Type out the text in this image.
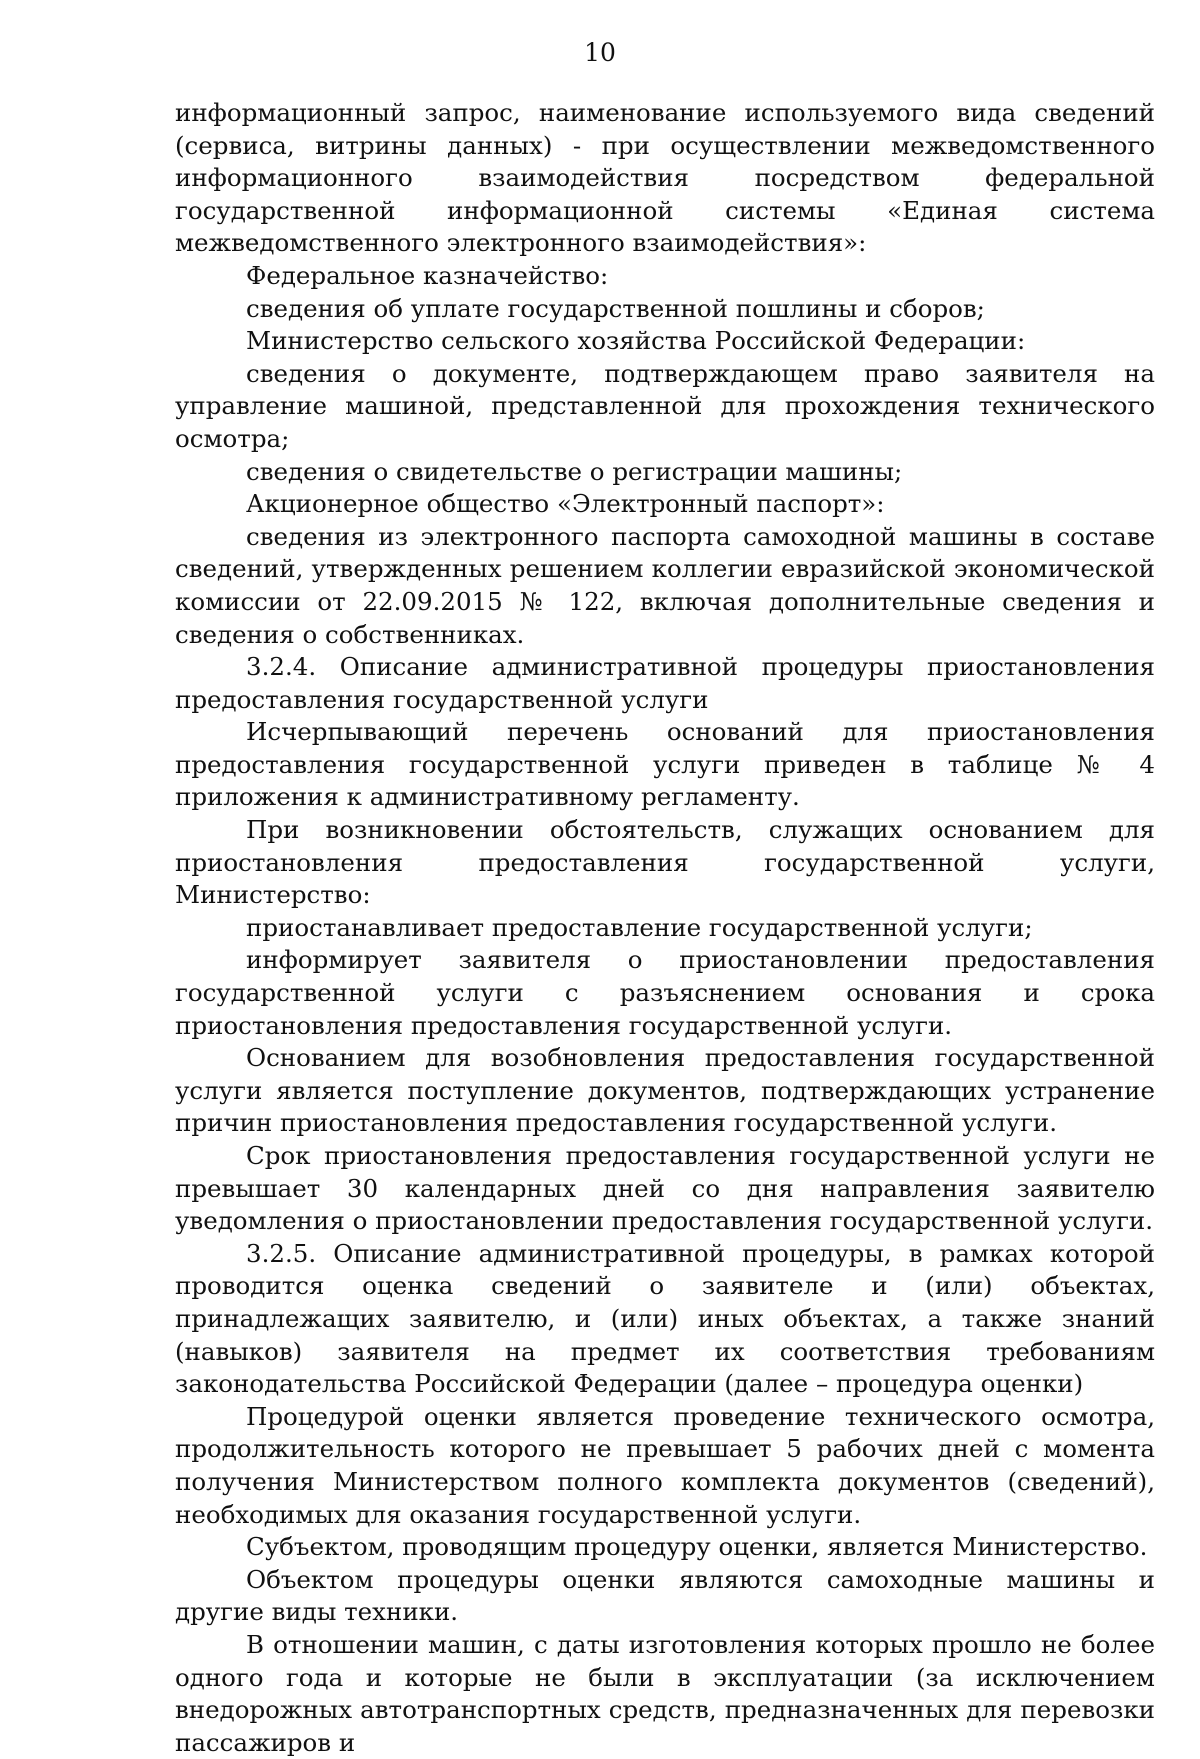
10

информационный запрос, наименование используемого вида сведений (сервиса, витрины данных) - при осуществлении межведомственного информационного взаимодействия посредством федеральной государственной информационной системы «Единая система межведомственного электронного взаимодействия»:

Федеральное казначейство:

сведения об уплате государственной пошлины и сборов;

Министерство сельского хозяйства Российской Федерации:

сведения о документе, подтверждающем право заявителя на управление машиной, представленной для прохождения технического осмотра;

сведения о свидетельстве о регистрации машины;

Акционерное общество «Электронный паспорт»:

сведения из электронного паспорта самоходной машины в составе сведений, утвержденных решением коллегии евразийской экономической комиссии от 22.09.2015 № 122, включая дополнительные сведения и сведения о собственниках.

3.2.4. Описание административной процедуры приостановления предоставления государственной услуги

Исчерпывающий перечень оснований для приостановления предоставления государственной услуги приведен в таблице № 4 приложения к административному регламенту.

При возникновении обстоятельств, служащих основанием для приостановления предоставления государственной услуги, Министерство:

приостанавливает предоставление государственной услуги;

информирует заявителя о приостановлении предоставления государственной услуги с разъяснением основания и срока приостановления предоставления государственной услуги.

Основанием для возобновления предоставления государственной услуги является поступление документов, подтверждающих устранение причин приостановления предоставления государственной услуги.

Срок приостановления предоставления государственной услуги не превышает 30 календарных дней со дня направления заявителю уведомления о приостановлении предоставления государственной услуги.

3.2.5. Описание административной процедуры, в рамках которой проводится оценка сведений о заявителе и (или) объектах, принадлежащих заявителю, и (или) иных объектах, а также знаний (навыков) заявителя на предмет их соответствия требованиям законодательства Российской Федерации (далее – процедура оценки)

Процедурой оценки является проведение технического осмотра, продолжительность которого не превышает 5 рабочих дней с момента получения Министерством полного комплекта документов (сведений), необходимых для оказания государственной услуги.

Субъектом, проводящим процедуру оценки, является Министерство.

Объектом процедуры оценки являются самоходные машины и другие виды техники.

В отношении машин, с даты изготовления которых прошло не более одного года и которые не были в эксплуатации (за исключением внедорожных автотранспортных средств, предназначенных для перевозки пассажиров и
